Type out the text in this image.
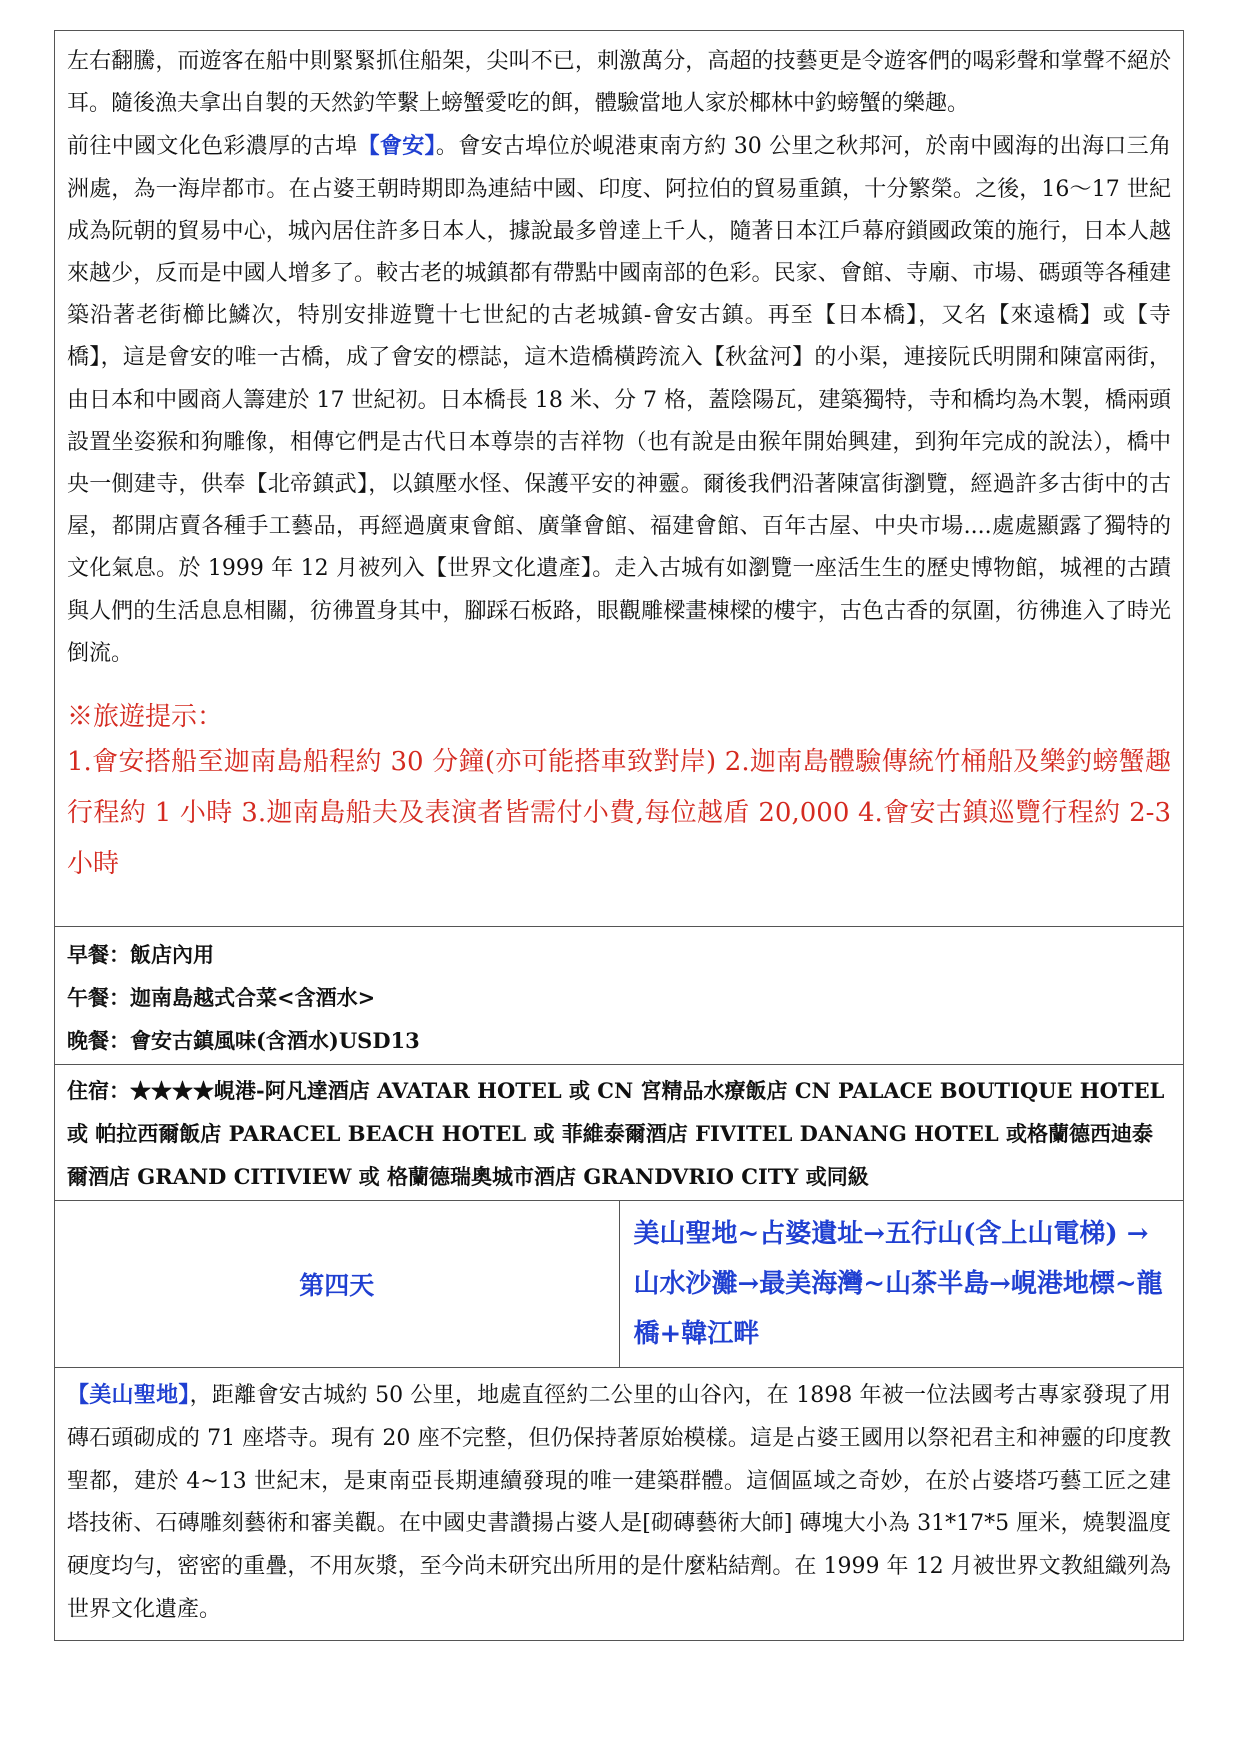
左右翻騰，而遊客在船中則緊緊抓住船架，尖叫不已，刺激萬分，高超的技藝更是令遊客們的喝彩聲和掌聲不絕於耳。隨後漁夫拿出自製的天然釣竿繫上螃蟹愛吃的餌，體驗當地人家於椰林中釣螃蟹的樂趣。

前往中國文化色彩濃厚的古埠【會安】。會安古埠位於峴港東南方約 30 公里之秋邦河，於南中國海的出海口三角洲處，為一海岸都市。在占婆王朝時期即為連結中國、印度、阿拉伯的貿易重鎮，十分繁榮。之後，16～17 世紀成為阮朝的貿易中心，城內居住許多日本人，據說最多曾達上千人，隨著日本江戶幕府鎖國政策的施行，日本人越來越少，反而是中國人增多了。較古老的城鎮都有帶點中國南部的色彩。民家、會館、寺廟、市場、碼頭等各種建築沿著老街櫛比鱗次，特別安排遊覽十七世紀的古老城鎮-會安古鎮。再至【日本橋】，又名【來遠橋】或【寺橋】，這是會安的唯一古橋，成了會安的標誌，這木造橋橫跨流入【秋盆河】的小渠，連接阮氏明開和陳富兩街，由日本和中國商人籌建於 17 世紀初。日本橋長 18 米、分 7 格，蓋陰陽瓦，建築獨特，寺和橋均為木製，橋兩頭設置坐姿猴和狗雕像，相傳它們是古代日本尊崇的吉祥物（也有說是由猴年開始興建，到狗年完成的說法），橋中央一側建寺，供奉【北帝鎮武】，以鎮壓水怪、保護平安的神靈。爾後我們沿著陳富街瀏覽，經過許多古街中的古屋，都開店賣各種手工藝品，再經過廣東會館、廣肇會館、福建會館、百年古屋、中央市場....處處顯露了獨特的文化氣息。於 1999 年 12 月被列入【世界文化遺產】。走入古城有如瀏覽一座活生生的歷史博物館，城裡的古蹟與人們的生活息息相關，彷彿置身其中，腳踩石板路，眼觀雕樑畫棟樑的樓宇，古色古香的氛圍，彷彿進入了時光倒流。

※旅遊提示：

1.會安搭船至迦南島船程約 30 分鐘(亦可能搭車致對岸) 2.迦南島體驗傳統竹桶船及樂釣螃蟹趣行程約 1 小時 3.迦南島船夫及表演者皆需付小費,每位越盾 20,000 4.會安古鎮巡覽行程約 2-3 小時

早餐：飯店內用
午餐：迦南島越式合菜<含酒水>
晚餐：會安古鎮風味(含酒水)USD13

住宿：★★★★峴港-阿凡達酒店 AVATAR HOTEL 或 CN 宮精品水療飯店 CN PALACE BOUTIQUE HOTEL 或 帕拉西爾飯店 PARACEL BEACH HOTEL 或 菲維泰爾酒店 FIVITEL DANANG HOTEL 或格蘭德西迪泰爾酒店 GRAND CITIVIEW 或 格蘭德瑞奧城市酒店 GRANDVRIO CITY 或同級
第四天	美山聖地~占婆遺址→五行山(含上山電梯) →山水沙灘→最美海灣~山茶半島→峴港地標~龍橋+韓江畔
【美山聖地】，距離會安古城約 50 公里，地處直徑約二公里的山谷內，在 1898 年被一位法國考古專家發現了用磚石頭砌成的 71 座塔寺。現有 20 座不完整，但仍保持著原始模樣。這是占婆王國用以祭祀君主和神靈的印度教聖都，建於 4~13 世紀末，是東南亞長期連續發現的唯一建築群體。這個區域之奇妙，在於占婆塔巧藝工匠之建塔技術、石磚雕刻藝術和審美觀。在中國史書讚揚占婆人是[砌磚藝術大師] 磚塊大小為 31*17*5 厘米，燒製溫度硬度均勻，密密的重疊，不用灰漿，至今尚未研究出所用的是什麼粘結劑。在 1999 年 12 月被世界文教組織列為世界文化遺產。
